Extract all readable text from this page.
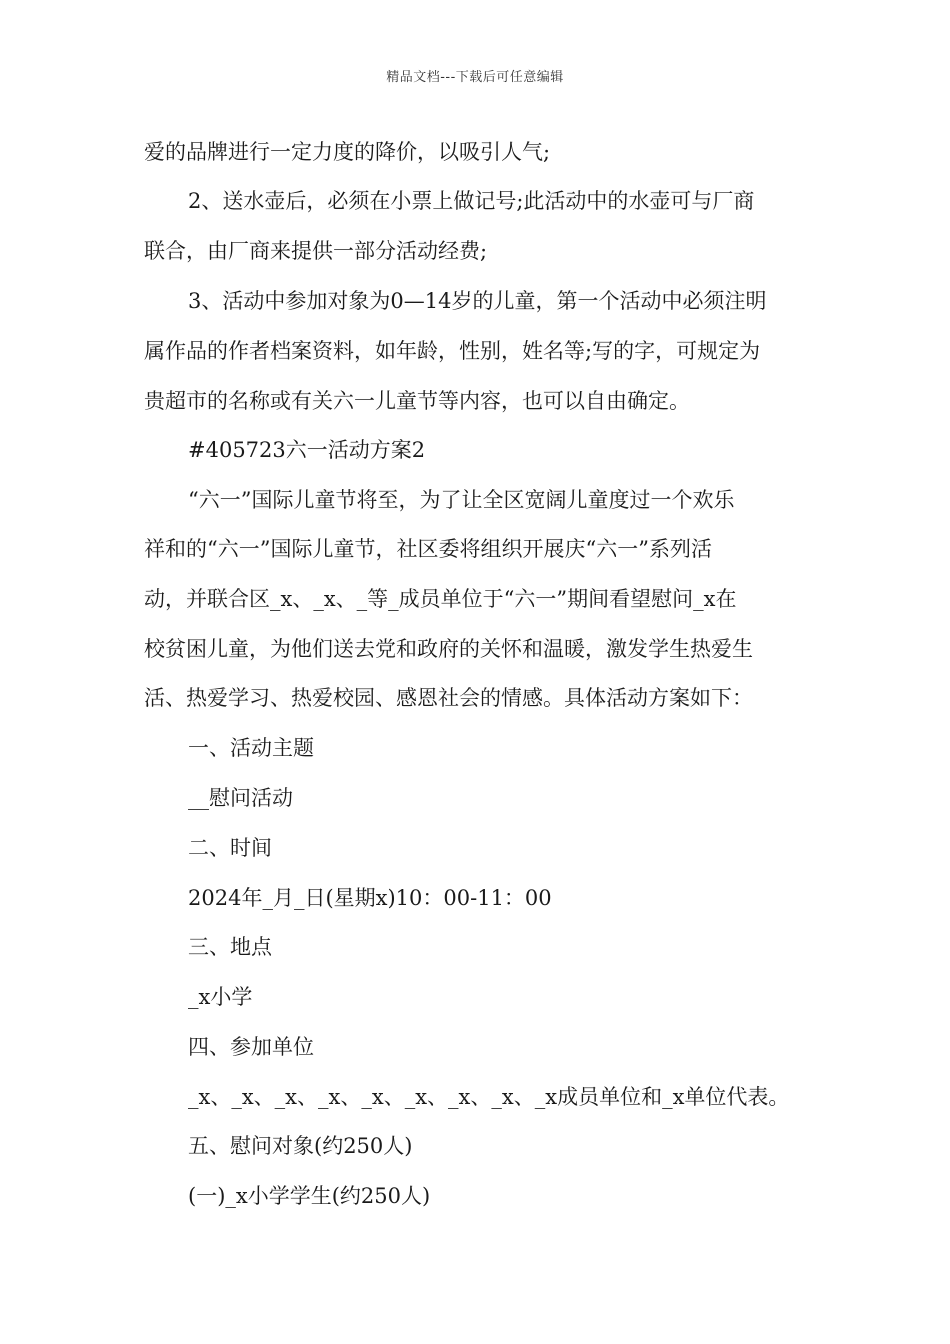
精品文档---下载后可任意编辑
爱的品牌进行一定力度的降价，以吸引人气;
2、送水壶后，必须在小票上做记号;此活动中的水壶可与厂商
联合，由厂商来提供一部分活动经费;
3、活动中参加对象为0—14岁的儿童，第一个活动中必须注明
属作品的作者档案资料，如年龄，性别，姓名等;写的字，可规定为
贵超市的名称或有关六一儿童节等内容，也可以自由确定。
#405723六一活动方案2
“六一”国际儿童节将至，为了让全区宽阔儿童度过一个欢乐
祥和的“六一”国际儿童节，社区委将组织开展庆“六一”系列活
动，并联合区_x、_x、_等_成员单位于“六一”期间看望慰问_x在
校贫困儿童，为他们送去党和政府的关怀和温暖，激发学生热爱生
活、热爱学习、热爱校园、感恩社会的情感。具体活动方案如下：
一、活动主题
__慰问活动
二、时间
2024年_月_日(星期x)10：00-11：00
三、地点
_x小学
四、参加单位
_x、_x、_x、_x、_x、_x、_x、_x、_x成员单位和_x单位代表。
五、慰问对象(约250人)
(一)_x小学学生(约250人)
